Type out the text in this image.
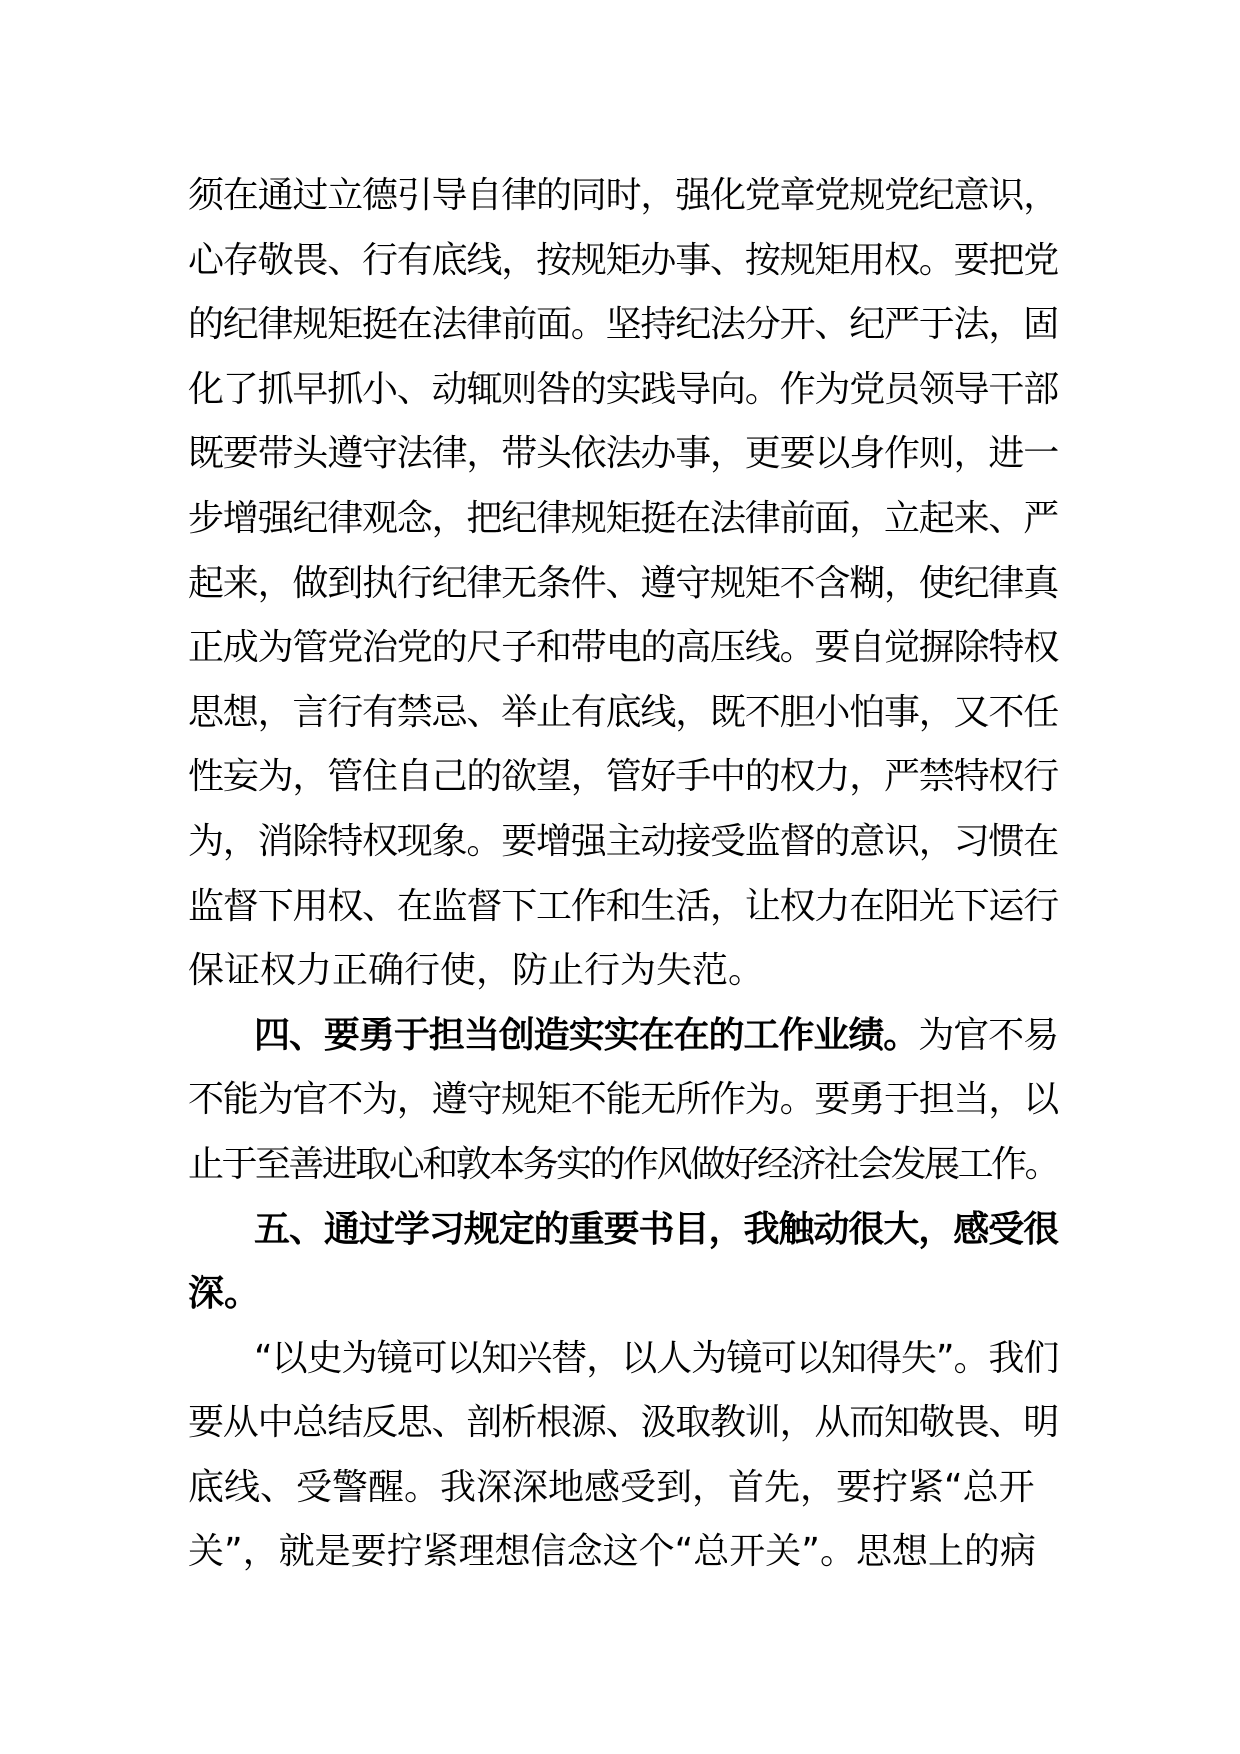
须在通过立德引导自律的同时，强化党章党规党纪意识，
心存敬畏、行有底线，按规矩办事、按规矩用权。要把党
的纪律规矩挺在法律前面。坚持纪法分开、纪严于法，固
化了抓早抓小、动辄则咎的实践导向。作为党员领导干部
既要带头遵守法律，带头依法办事，更要以身作则，进一
步增强纪律观念，把纪律规矩挺在法律前面，立起来、严
起来，做到执行纪律无条件、遵守规矩不含糊，使纪律真
正成为管党治党的尺子和带电的高压线。要自觉摒除特权
思想，言行有禁忌、举止有底线，既不胆小怕事，又不任
性妄为，管住自己的欲望，管好手中的权力，严禁特权行
为，消除特权现象。要增强主动接受监督的意识，习惯在
监督下用权、在监督下工作和生活，让权力在阳光下运行
保证权力正确行使，防止行为失范。
四、要勇于担当创造实实在在的工作业绩。为官不易
不能为官不为，遵守规矩不能无所作为。要勇于担当，以
止于至善进取心和敦本务实的作风做好经济社会发展工作。
五、通过学习规定的重要书目，我触动很大，感受很
深。
“以史为镜可以知兴替，以人为镜可以知得失”。我们
要从中总结反思、剖析根源、汲取教训，从而知敬畏、明
底线、受警醒。我深深地感受到，首先，要拧紧“总开
关”，就是要拧紧理想信念这个“总开关”。思想上的病
